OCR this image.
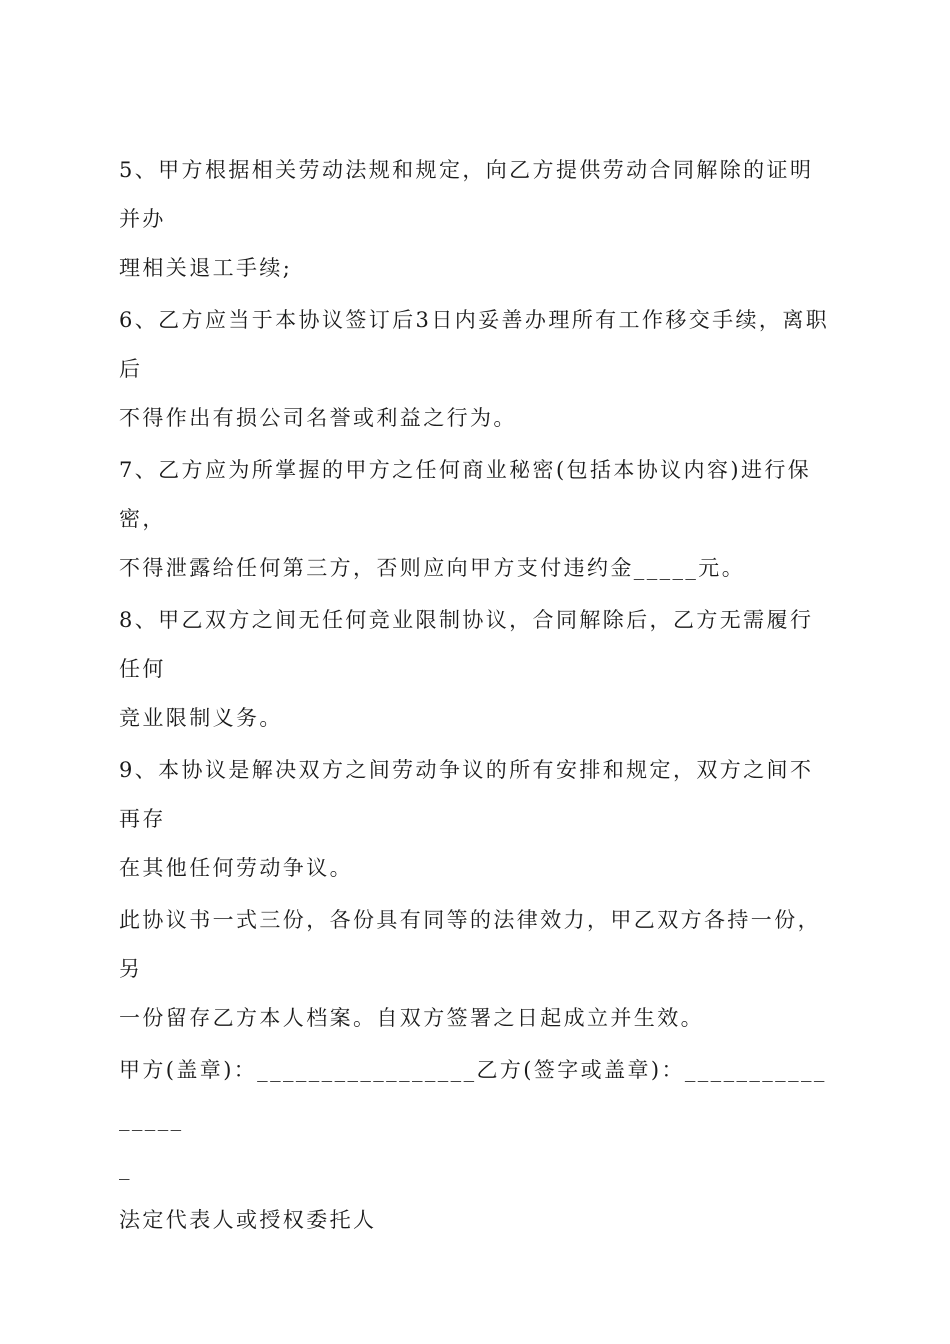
5、甲方根据相关劳动法规和规定，向乙方提供劳动合同解除的证明并办
理相关退工手续;

6、乙方应当于本协议签订后3日内妥善办理所有工作移交手续，离职后
不得作出有损公司名誉或利益之行为。

7、乙方应为所掌握的甲方之任何商业秘密(包括本协议内容)进行保密，
不得泄露给任何第三方，否则应向甲方支付违约金_____元。

8、甲乙双方之间无任何竞业限制协议，合同解除后，乙方无需履行任何
竞业限制义务。

9、本协议是解决双方之间劳动争议的所有安排和规定，双方之间不再存
在其他任何劳动争议。

此协议书一式三份，各份具有同等的法律效力，甲乙双方各持一份，另
一份留存乙方本人档案。自双方签署之日起成立并生效。

甲方(盖章)：_________________乙方(签字或盖章)：________________
_

法定代表人或授权委托人
